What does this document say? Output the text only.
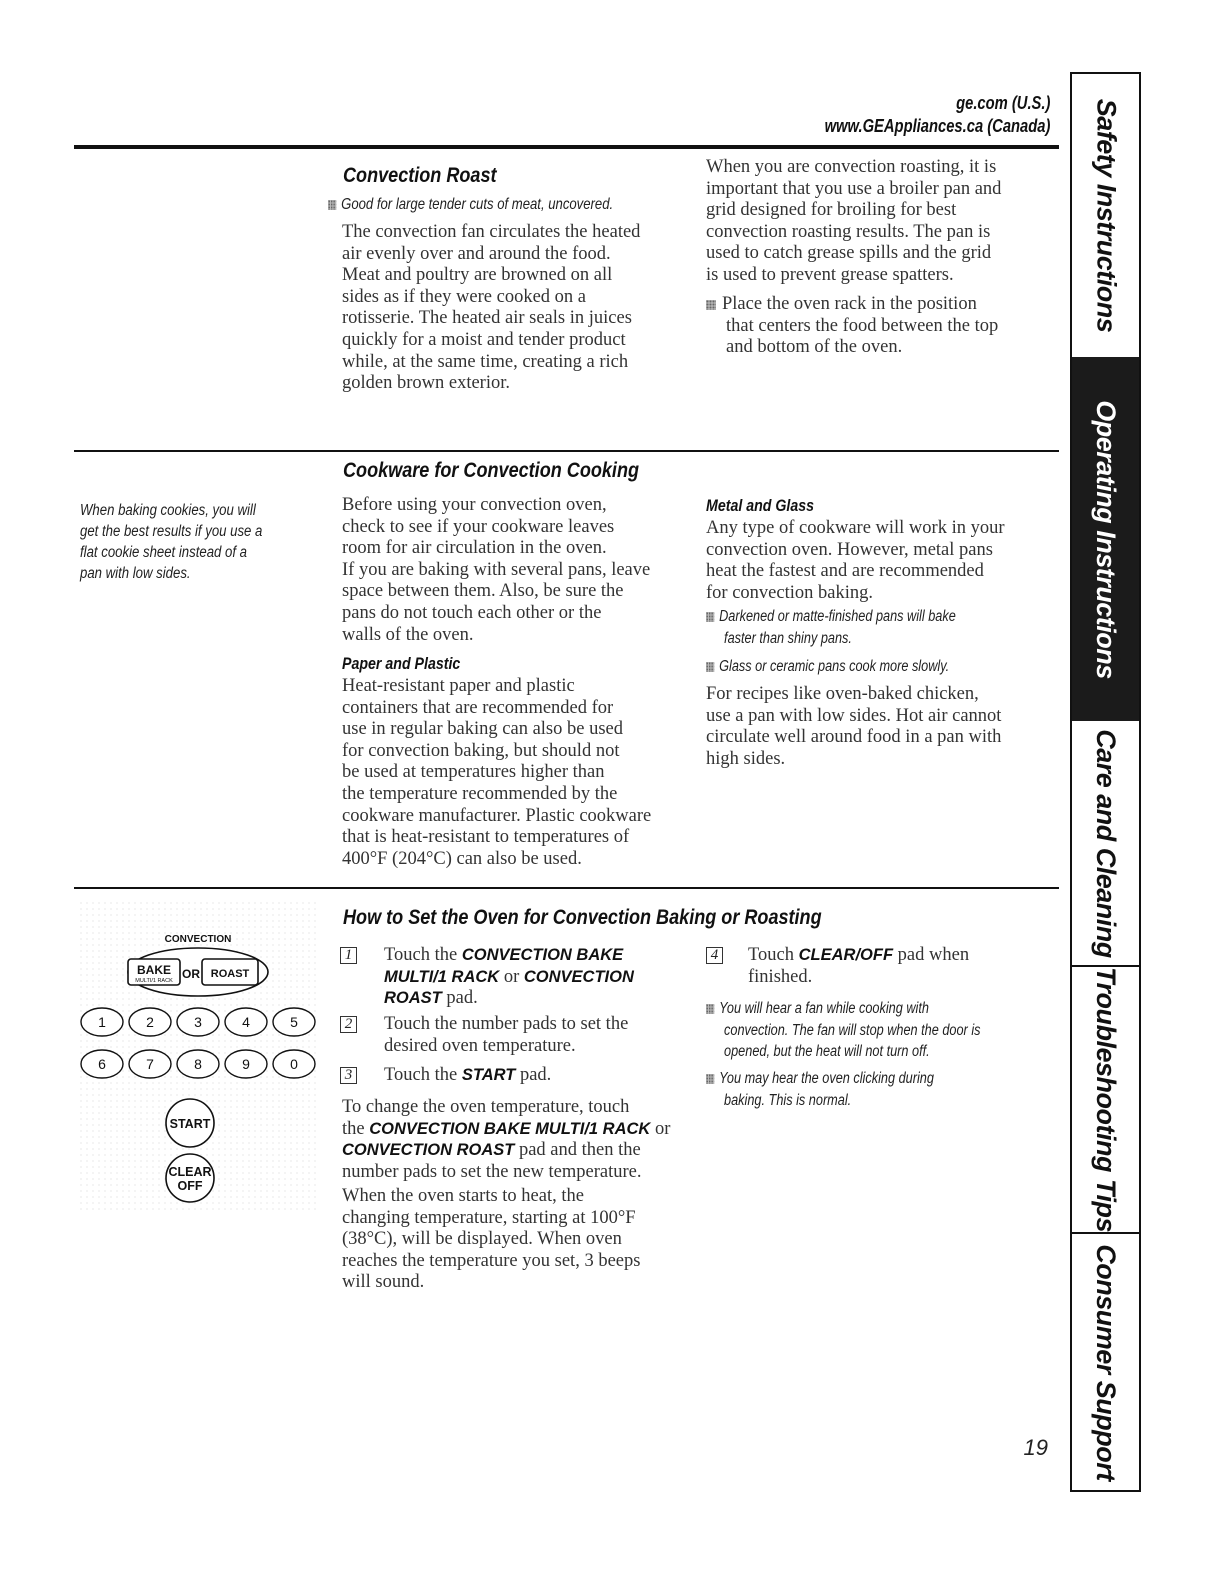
ge.com (U.S.)
www.GEAppliances.ca (Canada)
Convection Roast
Good for large tender cuts of meat, uncovered.

The convection fan circulates the heated

air evenly over and around the food.

Meat and poultry are browned on all

sides as if they were cooked on a

rotisserie. The heated air seals in juices

quickly for a moist and tender product

while, at the same time, creating a rich

golden brown exterior.

When you are convection roasting, it is

important that you use a broiler pan and

grid designed for broiling for best

convection roasting results. The pan is

used to catch grease spills and the grid

is used to prevent grease spatters.

Place the oven rack in the position

that centers the food between the top

and bottom of the oven.

Cookware for Convection Cooking
When baking cookies, you will
get the best results if you use a
flat cookie sheet instead of a
pan with low sides.

Before using your convection oven,

check to see if your cookware leaves

room for air circulation in the oven.

If you are baking with several pans, leave

space between them. Also, be sure the

pans do not touch each other or the

walls of the oven.

Paper and Plastic

Heat-resistant paper and plastic

containers that are recommended for

use in regular baking can also be used

for convection baking, but should not

be used at temperatures higher than

the temperature recommended by the

cookware manufacturer. Plastic cookware

that is heat-resistant to temperatures of

400°F (204°C) can also be used.

Metal and Glass

Any type of cookware will work in your

convection oven. However, metal pans

heat the fastest and are recommended

for convection baking.

Darkened or matte-finished pans will bake
faster than shiny pans.
Glass or ceramic pans cook more slowly.

For recipes like oven-baked chicken,

use a pan with low sides. Hot air cannot

circulate well around food in a pan with

high sides.

CONVECTION
BAKE
MULTI/1 RACK OR ROAST
1	2	3	4	5
6	7	8	9	0
START
CLEAR
OFF
How to Set the Oven for Convection Baking or Roasting
1 Touch the CONVECTION BAKE
MULTI/1 RACK or CONVECTION
ROAST pad.
2 Touch the number pads to set the
desired oven temperature.
3 Touch the START pad.

To change the oven temperature, touch

the CONVECTION BAKE MULTI/1 RACK or

CONVECTION ROAST pad and then the

number pads to set the new temperature.

When the oven starts to heat, the

changing temperature, starting at 100°F

(38°C), will be displayed. When oven

reaches the temperature you set, 3 beeps

will sound.

4 Touch CLEAR/OFF pad when
finished.
You will hear a fan while cooking with
convection. The fan will stop when the door is
opened, but the heat will not turn off.
You may hear the oven clicking during
baking. This is normal.
19
Safety Instructions
Operating Instructions
Care and Cleaning
Troubleshooting Tips
Consumer Support
